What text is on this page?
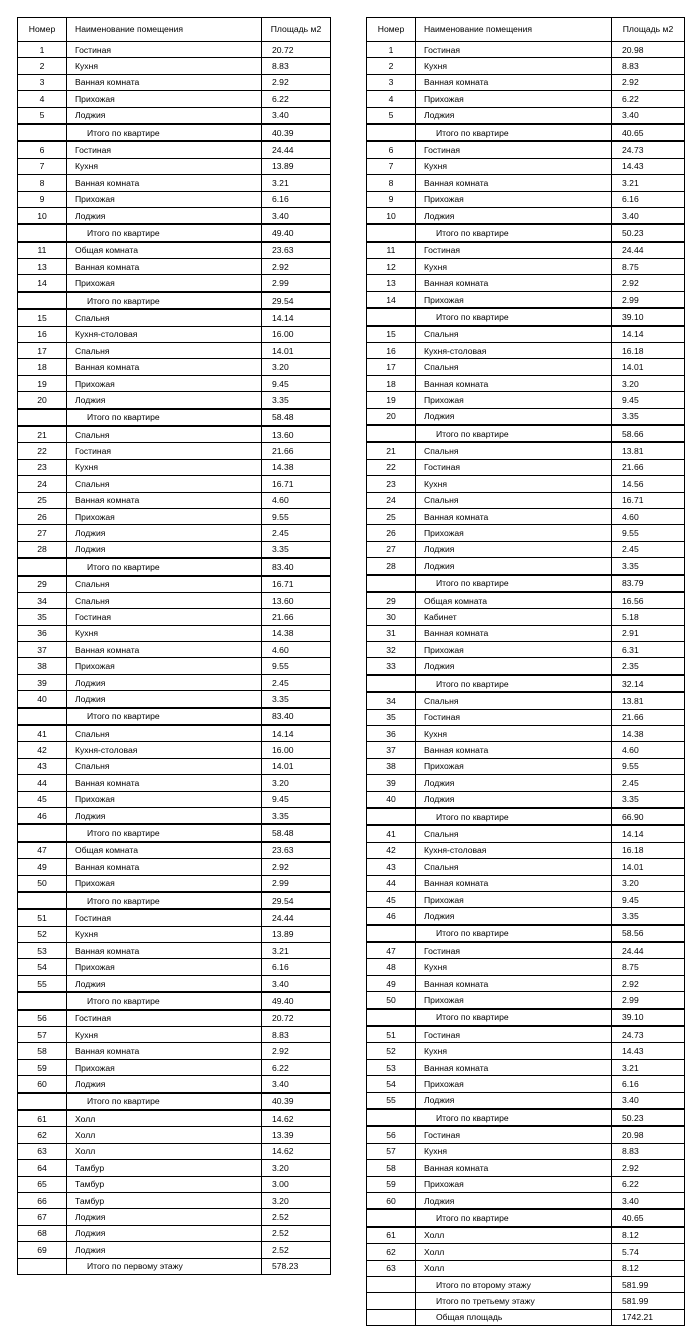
Номер	Наименование помещения	Площадь м2
1	Гостиная	20.72
2	Кухня	8.83
3	Ванная комната	2.92
4	Прихожая	6.22
5	Лоджия	3.40
	Итого по квартире	40.39
6	Гостиная	24.44
7	Кухня	13.89
8	Ванная комната	3.21
9	Прихожая	6.16
10	Лоджия	3.40
	Итого по квартире	49.40
11	Общая комната	23.63
13	Ванная комната	2.92
14	Прихожая	2.99
	Итого по квартире	29.54
15	Спальня	14.14
16	Кухня-столовая	16.00
17	Спальня	14.01
18	Ванная комната	3.20
19	Прихожая	9.45
20	Лоджия	3.35
	Итого по квартире	58.48
21	Спальня	13.60
22	Гостиная	21.66
23	Кухня	14.38
24	Спальня	16.71
25	Ванная комната	4.60
26	Прихожая	9.55
27	Лоджия	2.45
28	Лоджия	3.35
	Итого по квартире	83.40
29	Спальня	16.71
34	Спальня	13.60
35	Гостиная	21.66
36	Кухня	14.38
37	Ванная комната	4.60
38	Прихожая	9.55
39	Лоджия	2.45
40	Лоджия	3.35
	Итого по квартире	83.40
41	Спальня	14.14
42	Кухня-столовая	16.00
43	Спальня	14.01
44	Ванная комната	3.20
45	Прихожая	9.45
46	Лоджия	3.35
	Итого по квартире	58.48
47	Общая комната	23.63
49	Ванная комната	2.92
50	Прихожая	2.99
	Итого по квартире	29.54
51	Гостиная	24.44
52	Кухня	13.89
53	Ванная комната	3.21
54	Прихожая	6.16
55	Лоджия	3.40
	Итого по квартире	49.40
56	Гостиная	20.72
57	Кухня	8.83
58	Ванная комната	2.92
59	Прихожая	6.22
60	Лоджия	3.40
	Итого по квартире	40.39
61	Холл	14.62
62	Холл	13.39
63	Холл	14.62
64	Тамбур	3.20
65	Тамбур	3.00
66	Тамбур	3.20
67	Лоджия	2.52
68	Лоджия	2.52
69	Лоджия	2.52
	Итого по первому этажу	578.23
Номер	Наименование помещения	Площадь м2
1	Гостиная	20.98
2	Кухня	8.83
3	Ванная комната	2.92
4	Прихожая	6.22
5	Лоджия	3.40
	Итого по квартире	40.65
6	Гостиная	24.73
7	Кухня	14.43
8	Ванная комната	3.21
9	Прихожая	6.16
10	Лоджия	3.40
	Итого по квартире	50.23
11	Гостиная	24.44
12	Кухня	8.75
13	Ванная комната	2.92
14	Прихожая	2.99
	Итого по квартире	39.10
15	Спальня	14.14
16	Кухня-столовая	16.18
17	Спальня	14.01
18	Ванная комната	3.20
19	Прихожая	9.45
20	Лоджия	3.35
	Итого по квартире	58.66
21	Спальня	13.81
22	Гостиная	21.66
23	Кухня	14.56
24	Спальня	16.71
25	Ванная комната	4.60
26	Прихожая	9.55
27	Лоджия	2.45
28	Лоджия	3.35
	Итого по квартире	83.79
29	Общая комната	16.56
30	Кабинет	5.18
31	Ванная комната	2.91
32	Прихожая	6.31
33	Лоджия	2.35
	Итого по квартире	32.14
34	Спальня	13.81
35	Гостиная	21.66
36	Кухня	14.38
37	Ванная комната	4.60
38	Прихожая	9.55
39	Лоджия	2.45
40	Лоджия	3.35
	Итого по квартире	66.90
41	Спальня	14.14
42	Кухня-столовая	16.18
43	Спальня	14.01
44	Ванная комната	3.20
45	Прихожая	9.45
46	Лоджия	3.35
	Итого по квартире	58.56
47	Гостиная	24.44
48	Кухня	8.75
49	Ванная комната	2.92
50	Прихожая	2.99
	Итого по квартире	39.10
51	Гостиная	24.73
52	Кухня	14.43
53	Ванная комната	3.21
54	Прихожая	6.16
55	Лоджия	3.40
	Итого по квартире	50.23
56	Гостиная	20.98
57	Кухня	8.83
58	Ванная комната	2.92
59	Прихожая	6.22
60	Лоджия	3.40
	Итого по квартире	40.65
61	Холл	8.12
62	Холл	5.74
63	Холл	8.12
	Итого по второму этажу	581.99
	Итого по третьему этажу	581.99
	Общая площадь	1742.21
